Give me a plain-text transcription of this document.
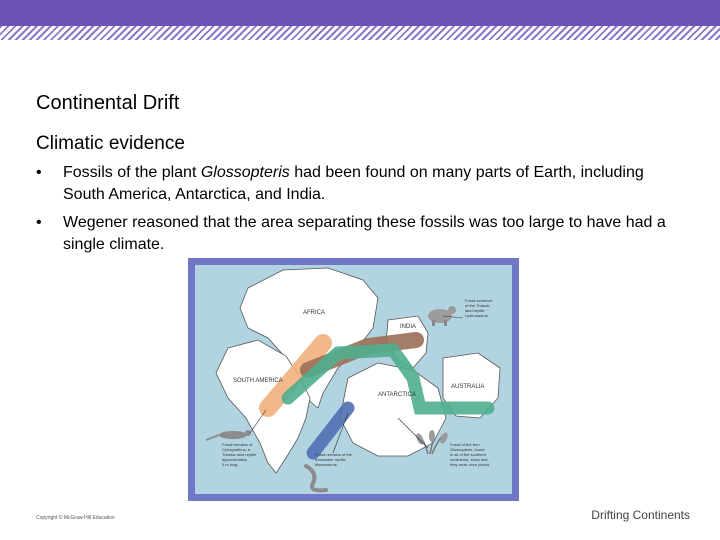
Continental Drift
Climatic evidence
• Fossils of the plant Glossopteris had been found on many parts of Earth, including South America, Antarctica, and India.
• Wegener reasoned that the area separating these fossils was too large to have had a single climate.
AFRICA
INDIA
SOUTH AMERICA
ANTARCTICA
AUSTRALIA
Fossil evidence of the Triassic land reptile Lystrosaurus.
Fossil remains of Cynognathus, a Triassic land reptile approximately 3 m long.
Fossil remains of the freshwater reptile Mesosaurus.
Fossil of the fern Glossopteris, found in all of the southern continents, show that they were once joined.
Copyright © McGraw-Hill Education	Drifting Continents
